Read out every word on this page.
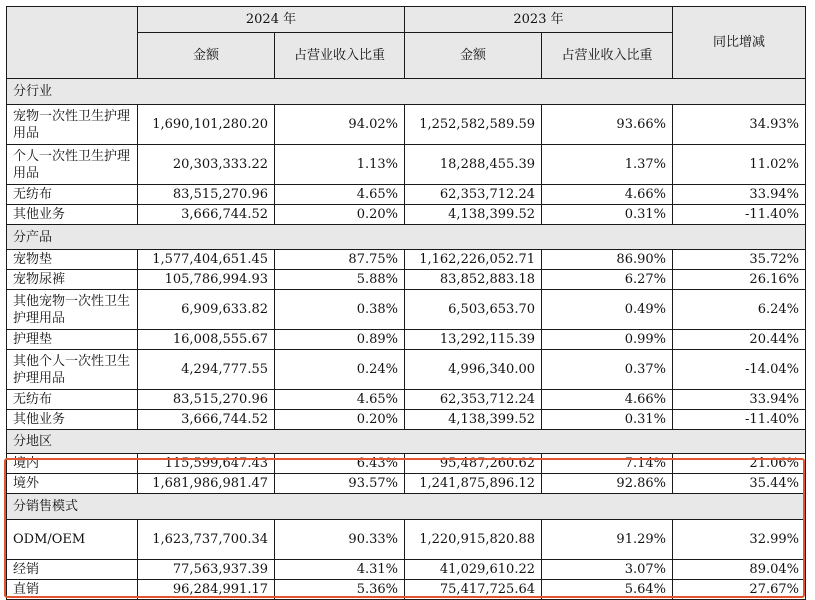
	2024 年		2023 年		同比增减
	金额	占营业收入比重	金额	占营业收入比重	
分行业					
宠物一次性卫生护理用品	1,690,101,280.20	94.02%	1,252,582,589.59	93.66%	34.93%
个人一次性卫生护理用品	20,303,333.22	1.13%	18,288,455.39	1.37%	11.02%
无纺布	83,515,270.96	4.65%	62,353,712.24	4.66%	33.94%
其他业务	3,666,744.52	0.20%	4,138,399.52	0.31%	-11.40%
分产品					
宠物垫	1,577,404,651.45	87.75%	1,162,226,052.71	86.90%	35.72%
宠物尿裤	105,786,994.93	5.88%	83,852,883.18	6.27%	26.16%
其他宠物一次性卫生护理用品	6,909,633.82	0.38%	6,503,653.70	0.49%	6.24%
护理垫	16,008,555.67	0.89%	13,292,115.39	0.99%	20.44%
其他个人一次性卫生护理用品	4,294,777.55	0.24%	4,996,340.00	0.37%	-14.04%
无纺布	83,515,270.96	4.65%	62,353,712.24	4.66%	33.94%
其他业务	3,666,744.52	0.20%	4,138,399.52	0.31%	-11.40%
分地区					
境内	115,599,647.43	6.43%	95,487,260.62	7.14%	21.06%
境外	1,681,986,981.47	93.57%	1,241,875,896.12	92.86%	35.44%
分销售模式					
ODM/OEM	1,623,737,700.34	90.33%	1,220,915,820.88	91.29%	32.99%
经销	77,563,937.39	4.31%	41,029,610.22	3.07%	89.04%
直销	96,284,991.17	5.36%	75,417,725.64	5.64%	27.67%
